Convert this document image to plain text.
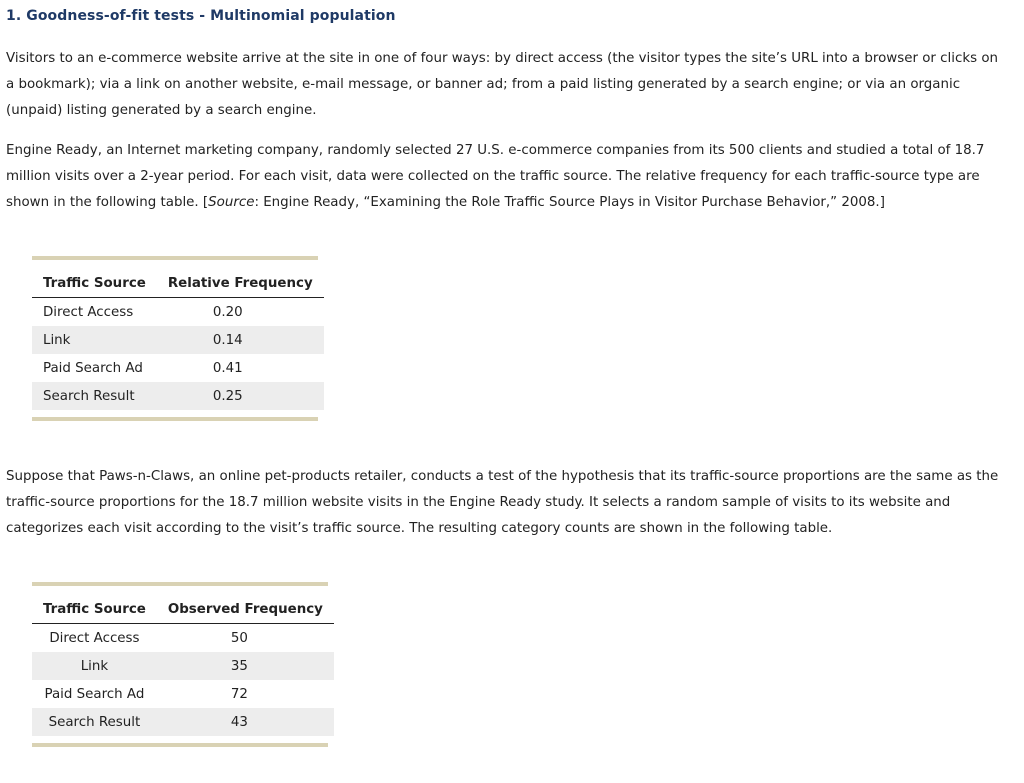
1. Goodness-of-fit tests - Multinomial population

Visitors to an e-commerce website arrive at the site in one of four ways: by direct access (the visitor types the site’s URL into a browser or clicks on a bookmark); via a link on another website, e-mail message, or banner ad; from a paid listing generated by a search engine; or via an organic (unpaid) listing generated by a search engine.

Engine Ready, an Internet marketing company, randomly selected 27 U.S. e-commerce companies from its 500 clients and studied a total of 18.7 million visits over a 2-year period. For each visit, data were collected on the traffic source. The relative frequency for each traffic-source type are shown in the following table. [Source: Engine Ready, “Examining the Role Traffic Source Plays in Visitor Purchase Behavior,” 2008.]

Traffic Source	Relative Frequency
Direct Access	0.20
Link	0.14
Paid Search Ad	0.41
Search Result	0.25

Suppose that Paws-n-Claws, an online pet-products retailer, conducts a test of the hypothesis that its traffic-source proportions are the same as the traffic-source proportions for the 18.7 million website visits in the Engine Ready study. It selects a random sample of visits to its website and categorizes each visit according to the visit’s traffic source. The resulting category counts are shown in the following table.

Traffic Source	Observed Frequency
Direct Access	50
Link	35
Paid Search Ad	72
Search Result	43
